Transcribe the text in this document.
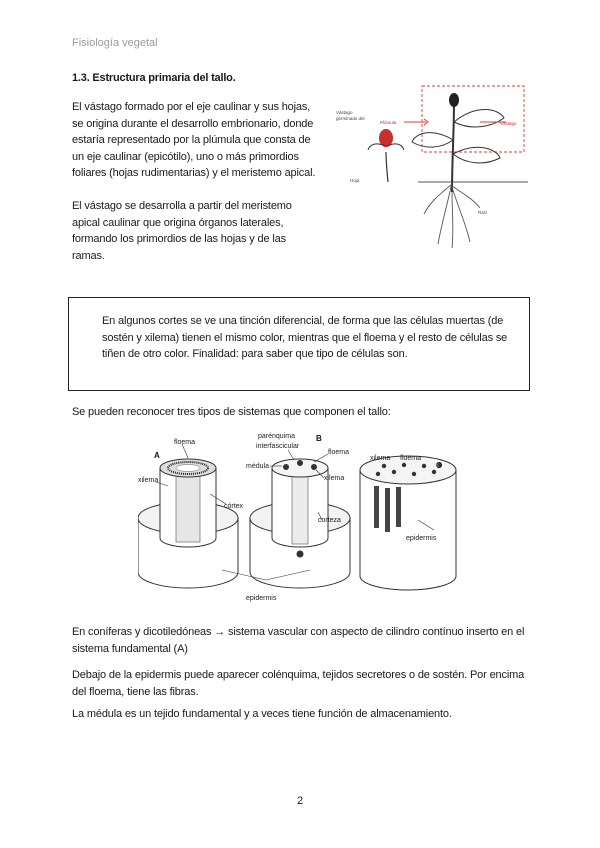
Fisiología vegetal
1.3. Estructura primaria del tallo.
El vástago formado por el eje caulinar y sus hojas, se origina durante el desarrollo embrionario, donde estaría representado por la plúmula que consta de un eje caulinar (epicótilo), uno o más primordios foliares (hojas rudimentarias) y el meristemo apical.
El vástago se desarrolla a partir del meristemo apical caulinar que origina órganos laterales, formando los primordios de las hojas y de las ramas.
Vástago
germinado del
Plúmula
Hoja
Vástago
Raíz
En algunos cortes se ve una tinción diferencial, de forma que las células muertas (de sostén y xilema) tienen el mismo color, mientras que el floema y el resto de células se tiñen de otro color. Finalidad: para saber que tipo de células son.
Se pueden reconocer tres tipos de sistemas que componen el tallo:
A
floema
xilema
córtex
parénquima
interfascicular
B
floema
médula
xilema
corteza
xilema floema
C
epidermis
epidermis
En coníferas y dicotiledóneas → sistema vascular con aspecto de cilindro contínuo inserto en el sistema fundamental (A)
Debajo de la epidermis puede aparecer colénquima, tejidos secretores o de sostén. Por encima del floema, tiene las fibras.
La médula es un tejido fundamental y a veces tiene función de almacenamiento.
2
